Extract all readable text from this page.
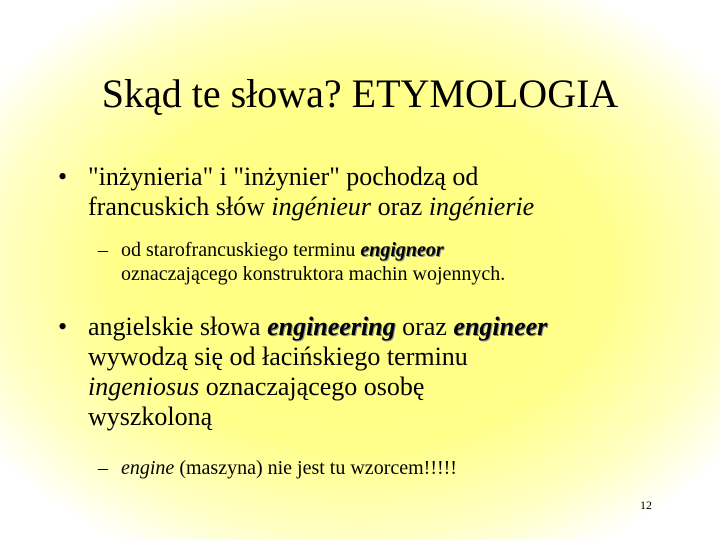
Skąd te słowa? ETYMOLOGIA
• "inżynieria" i "inżynier" pochodzą od
francuskich słów ingénieur oraz ingénierie
– od starofrancuskiego terminu engigneor
oznaczającego konstruktora machin wojennych.
• angielskie słowa engineering oraz engineer
wywodzą się od łacińskiego terminu
ingeniosus oznaczającego osobę
wyszkoloną
– engine (maszyna) nie jest tu wzorcem!!!!!
12
